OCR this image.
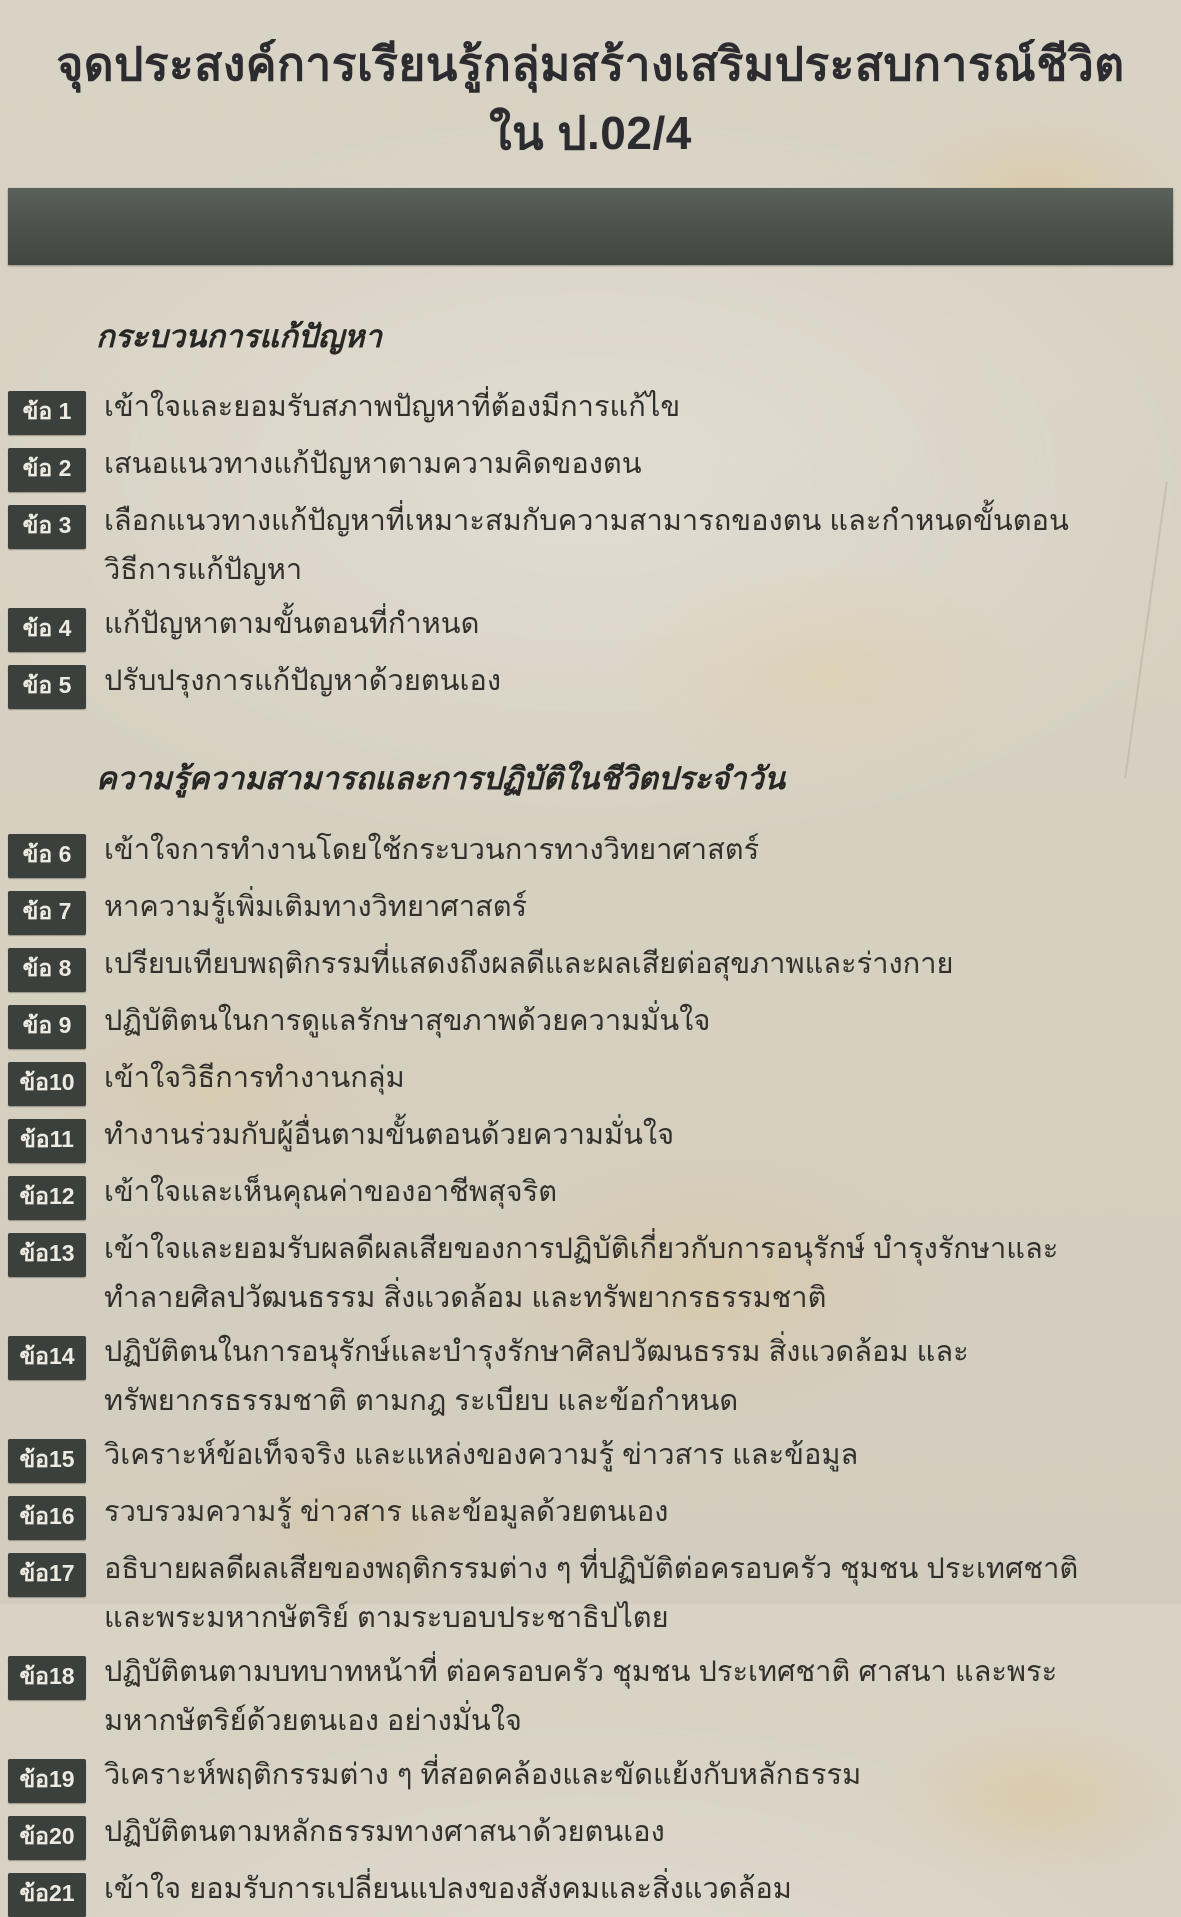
จุดประสงค์การเรียนรู้กลุ่มสร้างเสริมประสบการณ์ชีวิต ใน ป.02/4
กระบวนการแก้ปัญหา
ข้อ 1	เข้าใจและยอมรับสภาพปัญหาที่ต้องมีการแก้ไข
ข้อ 2	เสนอแนวทางแก้ปัญหาตามความคิดของตน
ข้อ 3	เลือกแนวทางแก้ปัญหาที่เหมาะสมกับความสามารถของตน และกำหนดขั้นตอนวิธีการแก้ปัญหา
ข้อ 4	แก้ปัญหาตามขั้นตอนที่กำหนด
ข้อ 5	ปรับปรุงการแก้ปัญหาด้วยตนเอง
ความรู้ความสามารถและการปฏิบัติในชีวิตประจำวัน
ข้อ 6	เข้าใจการทำงานโดยใช้กระบวนการทางวิทยาศาสตร์
ข้อ 7	หาความรู้เพิ่มเติมทางวิทยาศาสตร์
ข้อ 8	เปรียบเทียบพฤติกรรมที่แสดงถึงผลดีและผลเสียต่อสุขภาพและร่างกาย
ข้อ 9	ปฏิบัติตนในการดูแลรักษาสุขภาพด้วยความมั่นใจ
ข้อ10	เข้าใจวิธีการทำงานกลุ่ม
ข้อ11	ทำงานร่วมกับผู้อื่นตามขั้นตอนด้วยความมั่นใจ
ข้อ12	เข้าใจและเห็นคุณค่าของอาชีพสุจริต
ข้อ13	เข้าใจและยอมรับผลดีผลเสียของการปฏิบัติเกี่ยวกับการอนุรักษ์ บำรุงรักษาและทำลายศิลปวัฒนธรรม สิ่งแวดล้อม และทรัพยากรธรรมชาติ
ข้อ14	ปฏิบัติตนในการอนุรักษ์และบำรุงรักษาศิลปวัฒนธรรม สิ่งแวดล้อม และทรัพยากรธรรมชาติ ตามกฎ ระเบียบ และข้อกำหนด
ข้อ15	วิเคราะห์ข้อเท็จจริง และแหล่งของความรู้ ข่าวสาร และข้อมูล
ข้อ16	รวบรวมความรู้ ข่าวสาร และข้อมูลด้วยตนเอง
ข้อ17	อธิบายผลดีผลเสียของพฤติกรรมต่าง ๆ ที่ปฏิบัติต่อครอบครัว ชุมชน ประเทศชาติ และพระมหากษัตริย์ ตามระบอบประชาธิปไตย
ข้อ18	ปฏิบัติตนตามบทบาทหน้าที่ ต่อครอบครัว ชุมชน ประเทศชาติ ศาสนา และพระมหากษัตริย์ด้วยตนเอง อย่างมั่นใจ
ข้อ19	วิเคราะห์พฤติกรรมต่าง ๆ ที่สอดคล้องและขัดแย้งกับหลักธรรม
ข้อ20	ปฏิบัติตนตามหลักธรรมทางศาสนาด้วยตนเอง
ข้อ21	เข้าใจ ยอมรับการเปลี่ยนแปลงของสังคมและสิ่งแวดล้อม
